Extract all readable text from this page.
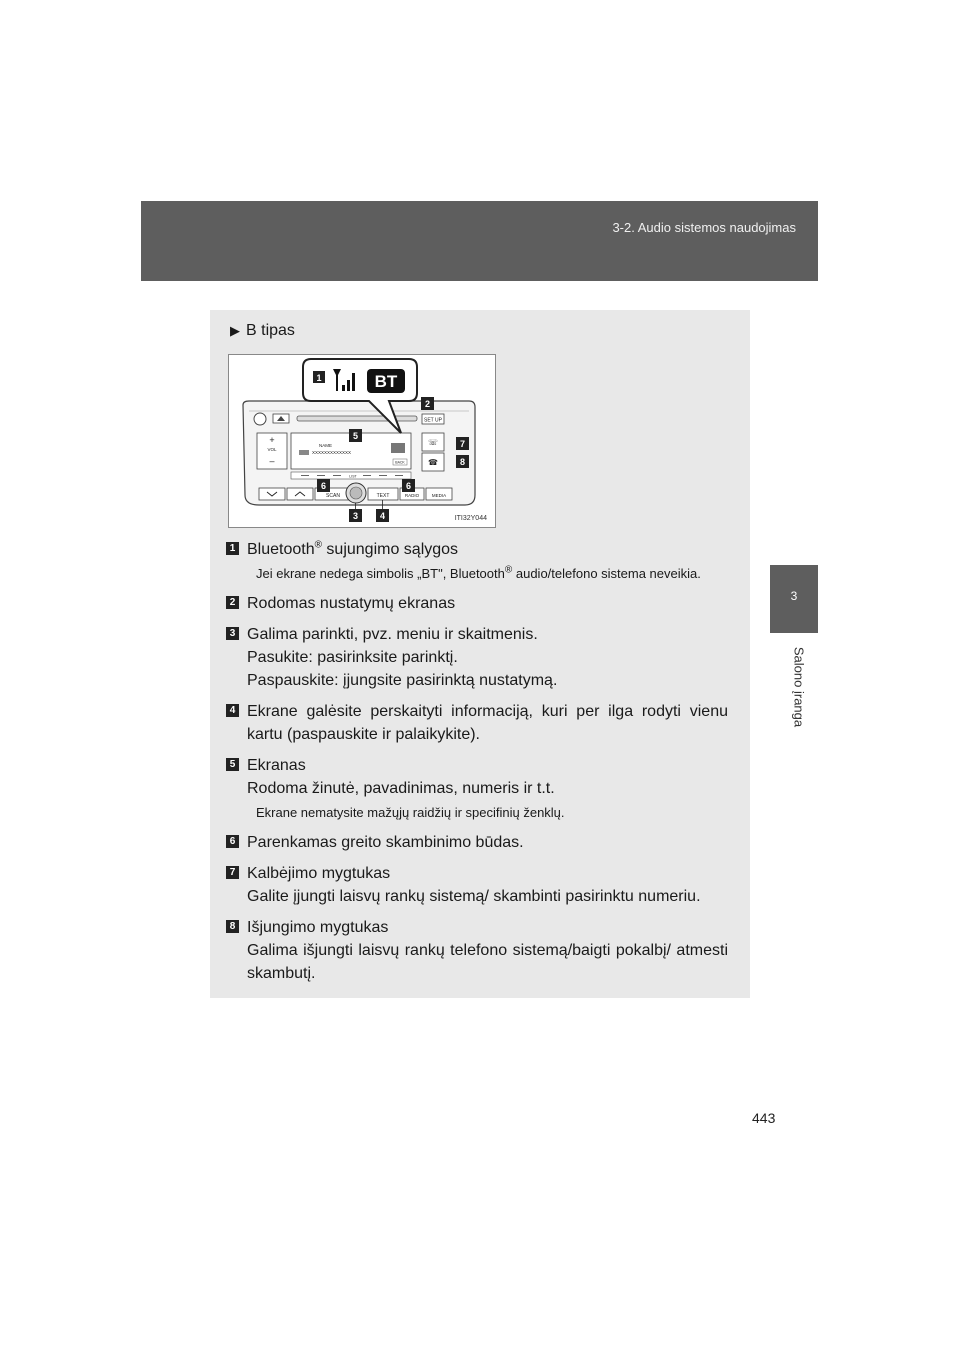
3-2. Audio sistemos naudojimas
3
Salono įranga
443
▶ B tipas
SET UP
+
VOL
–
NAME
XXXXXXXXXXXXX
BACK
☏
☎
LIST
SCAN	TEXT	RADIO	MEDIA
1	BT
2
5
7
8
6	6
3 4	ITI32Y044
1 Bluetooth® sujungimo sąlygos
Jei ekrane nedega simbolis „BT", Bluetooth® audio/telefono sistema neveikia.
2 Rodomas nustatymų ekranas
3 Galima parinkti, pvz. meniu ir skaitmenis.
Pasukite: pasirinksite parinktį.
Paspauskite: įjungsite pasirinktą nustatymą.
4 Ekrane galėsite perskaityti informaciją, kuri per ilga rodyti vienu kartu (paspauskite ir palaikykite).
5 Ekranas
Rodoma žinutė, pavadinimas, numeris ir t.t.
Ekrane nematysite mažųjų raidžių ir specifinių ženklų.
6 Parenkamas greito skambinimo būdas.
7 Kalbėjimo mygtukas
Galite įjungti laisvų rankų sistemą/ skambinti pasirinktu numeriu.
8 Išjungimo mygtukas
Galima išjungti laisvų rankų telefono sistemą/baigti pokalbį/ atmesti skambutį.
